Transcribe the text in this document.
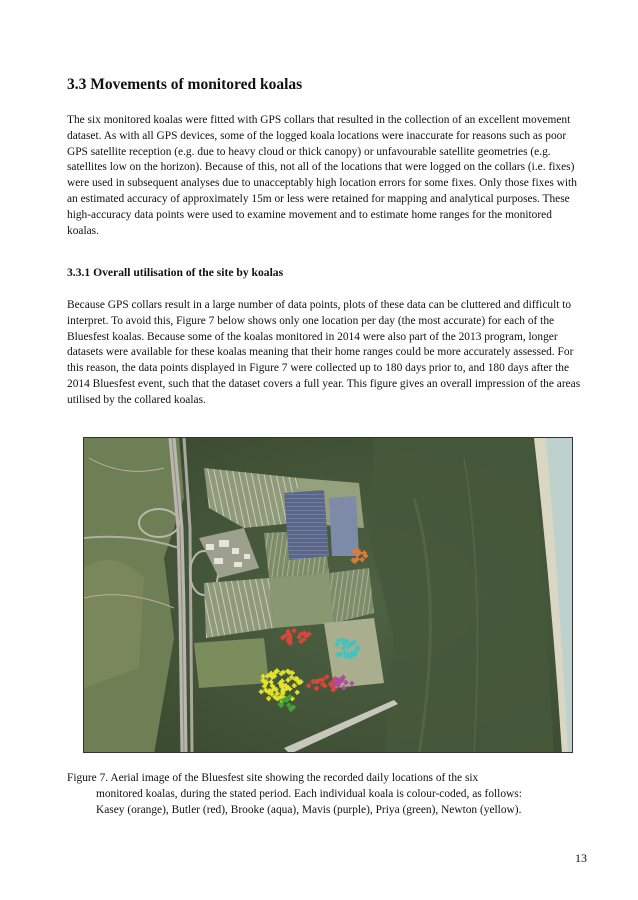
3.3 Movements of monitored koalas

The six monitored koalas were fitted with GPS collars that resulted in the collection of an excellent movement dataset. As with all GPS devices, some of the logged koala locations were inaccurate for reasons such as poor GPS satellite reception (e.g. due to heavy cloud or thick canopy) or unfavourable satellite geometries (e.g. satellites low on the horizon). Because of this, not all of the locations that were logged on the collars (i.e. fixes) were used in subsequent analyses due to unacceptably high location errors for some fixes. Only those fixes with an estimated accuracy of approximately 15m or less were retained for mapping and analytical purposes. These high-accuracy data points were used to examine movement and to estimate home ranges for the monitored koalas.

3.3.1 Overall utilisation of the site by koalas

Because GPS collars result in a large number of data points, plots of these data can be cluttered and difficult to interpret. To avoid this, Figure 7 below shows only one location per day (the most accurate) for each of the Bluesfest koalas. Because some of the koalas monitored in 2014 were also part of the 2013 program, longer datasets were available for these koalas meaning that their home ranges could be more accurately assessed. For this reason, the data points displayed in Figure 7 were collected up to 180 days prior to, and 180 days after the 2014 Bluesfest event, such that the dataset covers a full year. This figure gives an overall impression of the areas utilised by the collared koalas.

Figure 7. Aerial image of the Bluesfest site showing the recorded daily locations of the six
monitored koalas, during the stated period. Each individual koala is colour-coded, as follows:
Kasey (orange), Butler (red), Brooke (aqua), Mavis (purple), Priya (green), Newton (yellow).

13
